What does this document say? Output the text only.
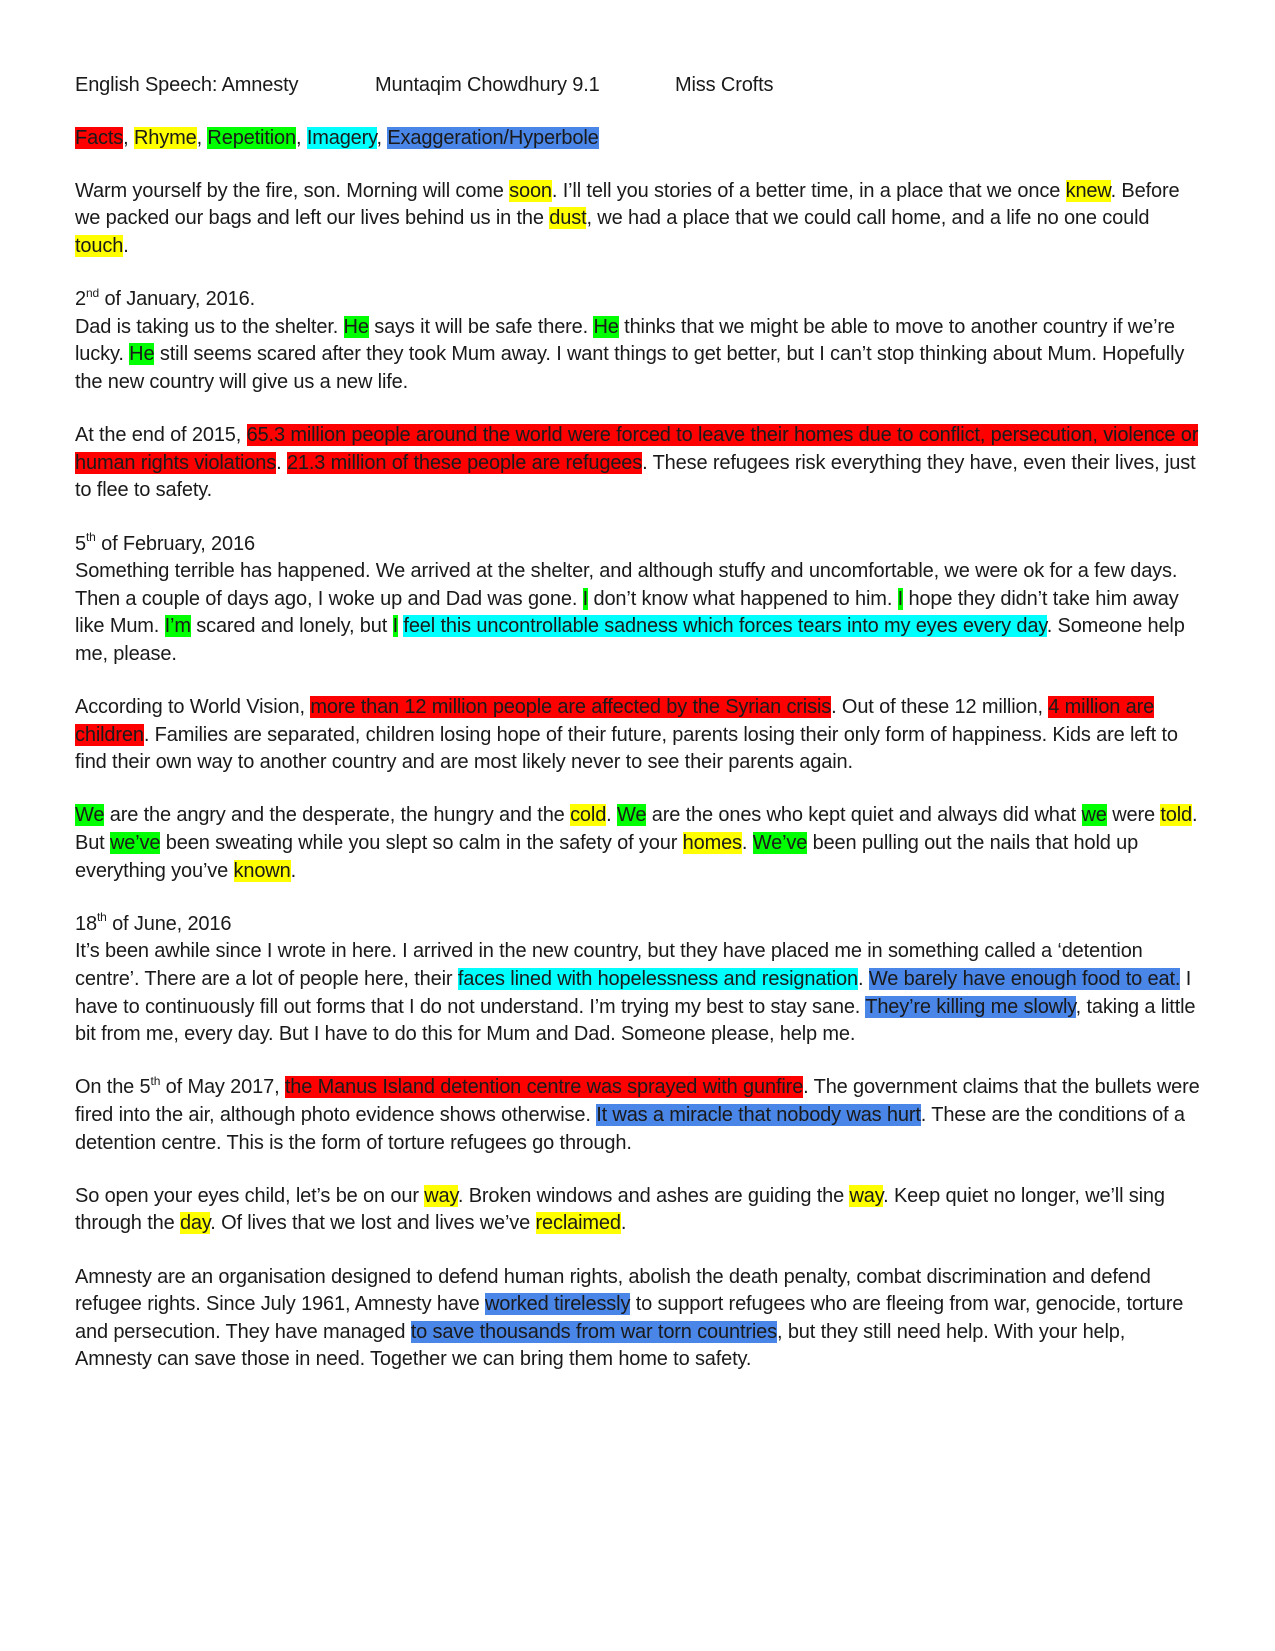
English Speech: Amnesty	Muntaqim Chowdhury 9.1	Miss Crofts
Facts, Rhyme, Repetition, Imagery, Exaggeration/Hyperbole
Warm yourself by the fire, son. Morning will come soon. I’ll tell you stories of a better time, in a place that we once knew. Before we packed our bags and left our lives behind us in the dust, we had a place that we could call home, and a life no one could touch.
2nd of January, 2016.
Dad is taking us to the shelter. He says it will be safe there. He thinks that we might be able to move to another country if we’re lucky. He still seems scared after they took Mum away. I want things to get better, but I can’t stop thinking about Mum. Hopefully the new country will give us a new life.
At the end of 2015, 65.3 million people around the world were forced to leave their homes due to conflict, persecution, violence or human rights violations. 21.3 million of these people are refugees. These refugees risk everything they have, even their lives, just to flee to safety.
5th of February, 2016
Something terrible has happened. We arrived at the shelter, and although stuffy and uncomfortable, we were ok for a few days. Then a couple of days ago, I woke up and Dad was gone. I don’t know what happened to him. I hope they didn’t take him away like Mum. I’m scared and lonely, but I feel this uncontrollable sadness which forces tears into my eyes every day. Someone help me, please.
According to World Vision, more than 12 million people are affected by the Syrian crisis. Out of these 12 million, 4 million are children. Families are separated, children losing hope of their future, parents losing their only form of happiness. Kids are left to find their own way to another country and are most likely never to see their parents again.
We are the angry and the desperate, the hungry and the cold. We are the ones who kept quiet and always did what we were told. But we’ve been sweating while you slept so calm in the safety of your homes. We’ve been pulling out the nails that hold up everything you’ve known.
18th of June, 2016
It’s been awhile since I wrote in here. I arrived in the new country, but they have placed me in something called a ‘detention centre’. There are a lot of people here, their faces lined with hopelessness and resignation. We barely have enough food to eat. I have to continuously fill out forms that I do not understand. I’m trying my best to stay sane. They’re killing me slowly, taking a little bit from me, every day. But I have to do this for Mum and Dad. Someone please, help me.
On the 5th of May 2017, the Manus Island detention centre was sprayed with gunfire. The government claims that the bullets were fired into the air, although photo evidence shows otherwise. It was a miracle that nobody was hurt. These are the conditions of a detention centre. This is the form of torture refugees go through.
So open your eyes child, let’s be on our way. Broken windows and ashes are guiding the way. Keep quiet no longer, we’ll sing through the day. Of lives that we lost and lives we’ve reclaimed.
Amnesty are an organisation designed to defend human rights, abolish the death penalty, combat discrimination and defend refugee rights. Since July 1961, Amnesty have worked tirelessly to support refugees who are fleeing from war, genocide, torture and persecution. They have managed to save thousands from war torn countries, but they still need help. With your help, Amnesty can save those in need. Together we can bring them home to safety.
